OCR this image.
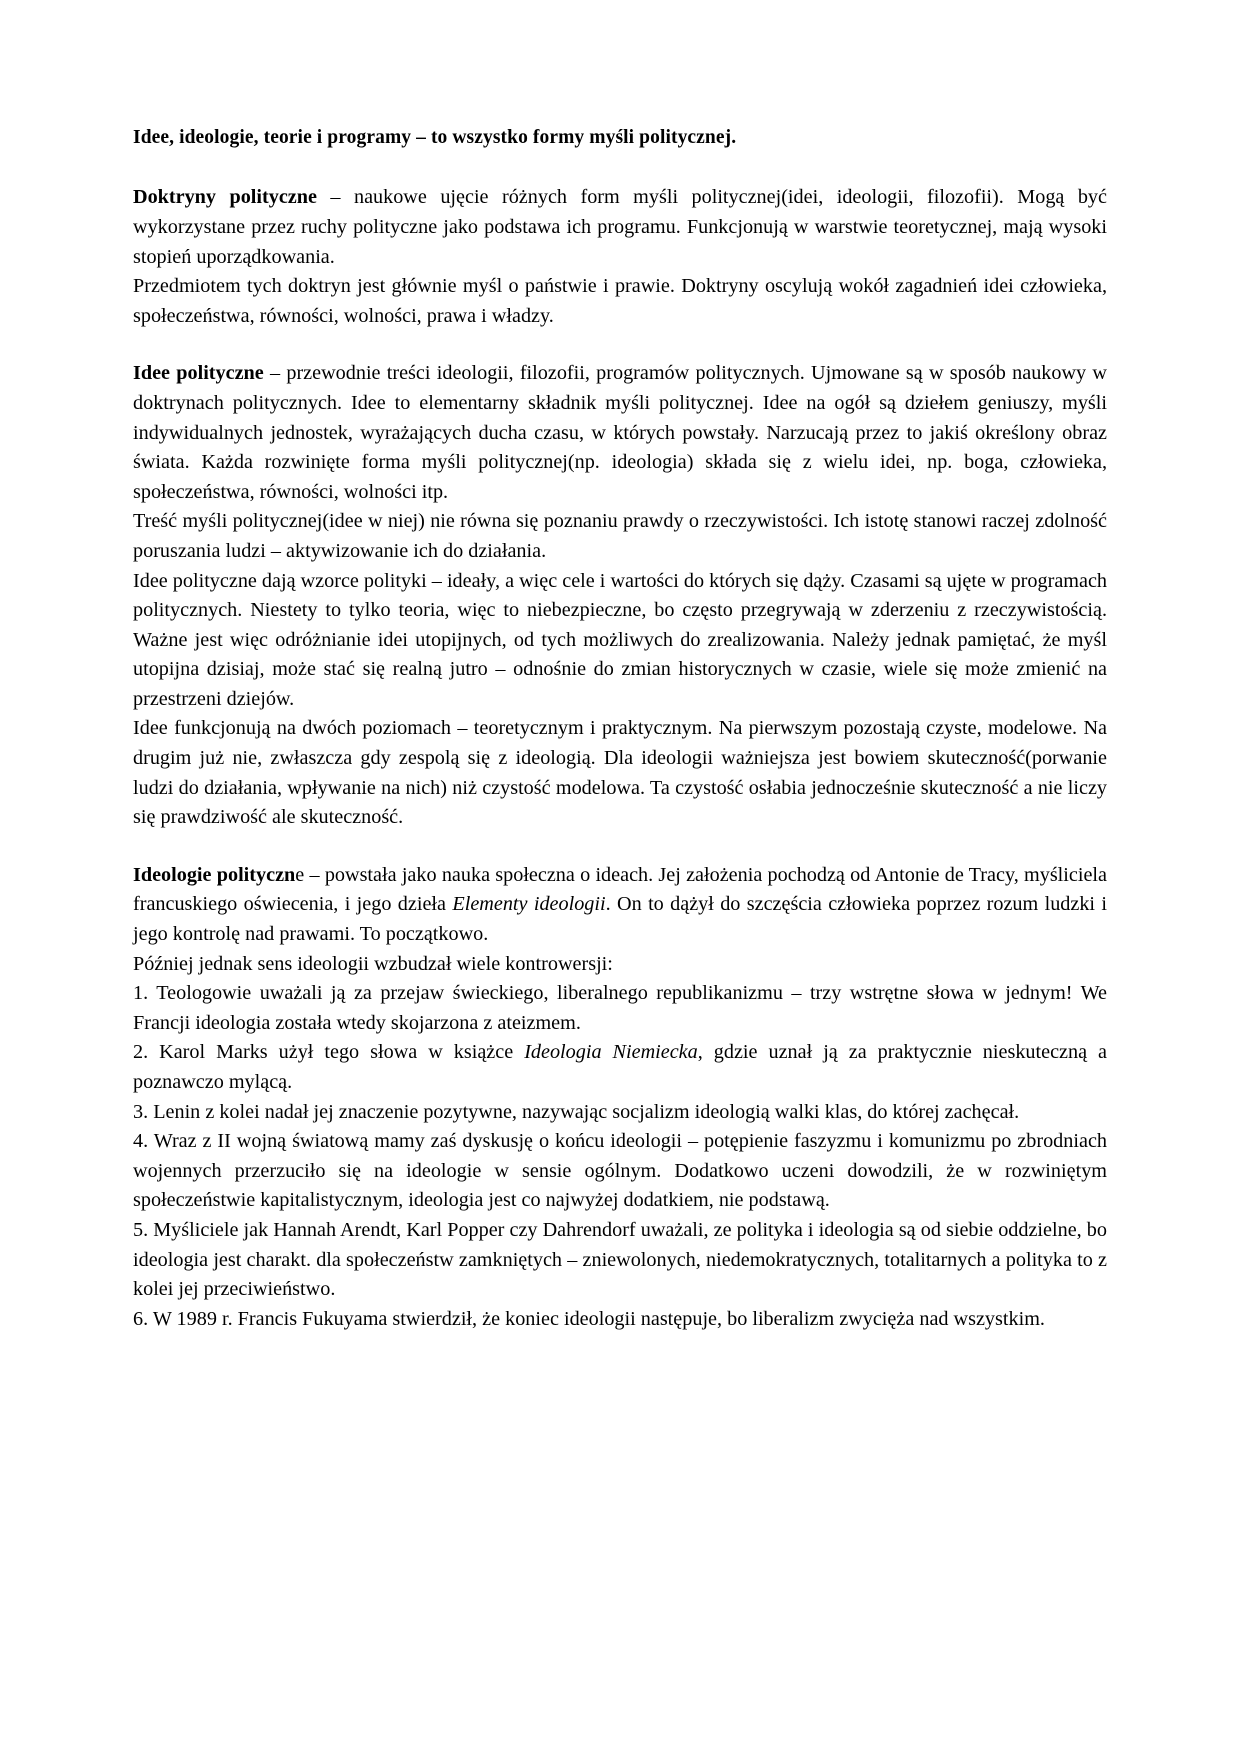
Idee, ideologie, teorie i programy – to wszystko formy myśli politycznej.

Doktryny polityczne – naukowe ujęcie różnych form myśli politycznej(idei, ideologii, filozofii). Mogą być wykorzystane przez ruchy polityczne jako podstawa ich programu. Funkcjonują w warstwie teoretycznej, mają wysoki stopień uporządkowania.

Przedmiotem tych doktryn jest głównie myśl o państwie i prawie. Doktryny oscylują wokół zagadnień idei człowieka, społeczeństwa, równości, wolności, prawa i władzy.

Idee polityczne – przewodnie treści ideologii, filozofii, programów politycznych. Ujmowane są w sposób naukowy w doktrynach politycznych. Idee to elementarny składnik myśli politycznej. Idee na ogół są dziełem geniuszy, myśli indywidualnych jednostek, wyrażających ducha czasu, w których powstały. Narzucają przez to jakiś określony obraz świata. Każda rozwinięte forma myśli politycznej(np. ideologia) składa się z wielu idei, np. boga, człowieka, społeczeństwa, równości, wolności itp.

Treść myśli politycznej(idee w niej) nie równa się poznaniu prawdy o rzeczywistości. Ich istotę stanowi raczej zdolność poruszania ludzi – aktywizowanie ich do działania.

Idee polityczne dają wzorce polityki – ideały, a więc cele i wartości do których się dąży. Czasami są ujęte w programach politycznych. Niestety to tylko teoria, więc to niebezpieczne, bo często przegrywają w zderzeniu z rzeczywistością. Ważne jest więc odróżnianie idei utopijnych, od tych możliwych do zrealizowania. Należy jednak pamiętać, że myśl utopijna dzisiaj, może stać się realną jutro – odnośnie do zmian historycznych w czasie, wiele się może zmienić na przestrzeni dziejów.

Idee funkcjonują na dwóch poziomach – teoretycznym i praktycznym. Na pierwszym pozostają czyste, modelowe. Na drugim już nie, zwłaszcza gdy zespolą się z ideologią. Dla ideologii ważniejsza jest bowiem skuteczność(porwanie ludzi do działania, wpływanie na nich) niż czystość modelowa. Ta czystość osłabia jednocześnie skuteczność a nie liczy się prawdziwość ale skuteczność.

Ideologie polityczne – powstała jako nauka społeczna o ideach. Jej założenia pochodzą od Antonie de Tracy, myśliciela francuskiego oświecenia, i jego dzieła Elementy ideologii. On to dążył do szczęścia człowieka poprzez rozum ludzki i jego kontrolę nad prawami. To początkowo.

Później jednak sens ideologii wzbudzał wiele kontrowersji:

1. Teologowie uważali ją za przejaw świeckiego, liberalnego republikanizmu – trzy wstrętne słowa w jednym! We Francji ideologia została wtedy skojarzona z ateizmem.

2. Karol Marks użył tego słowa w książce Ideologia Niemiecka, gdzie uznał ją za praktycznie nieskuteczną a poznawczo mylącą.

3. Lenin z kolei nadał jej znaczenie pozytywne, nazywając socjalizm ideologią walki klas, do której zachęcał.

4. Wraz z II wojną światową mamy zaś dyskusję o końcu ideologii – potępienie faszyzmu i komunizmu po zbrodniach wojennych przerzuciło się na ideologie w sensie ogólnym. Dodatkowo uczeni dowodzili, że w rozwiniętym społeczeństwie kapitalistycznym, ideologia jest co najwyżej dodatkiem, nie podstawą.

5. Myśliciele jak Hannah Arendt, Karl Popper czy Dahrendorf uważali, ze polityka i ideologia są od siebie oddzielne, bo ideologia jest charakt. dla społeczeństw zamkniętych – zniewolonych, niedemokratycznych, totalitarnych a polityka to z kolei jej przeciwieństwo.

6. W 1989 r. Francis Fukuyama stwierdził, że koniec ideologii następuje, bo liberalizm zwycięża nad wszystkim.
